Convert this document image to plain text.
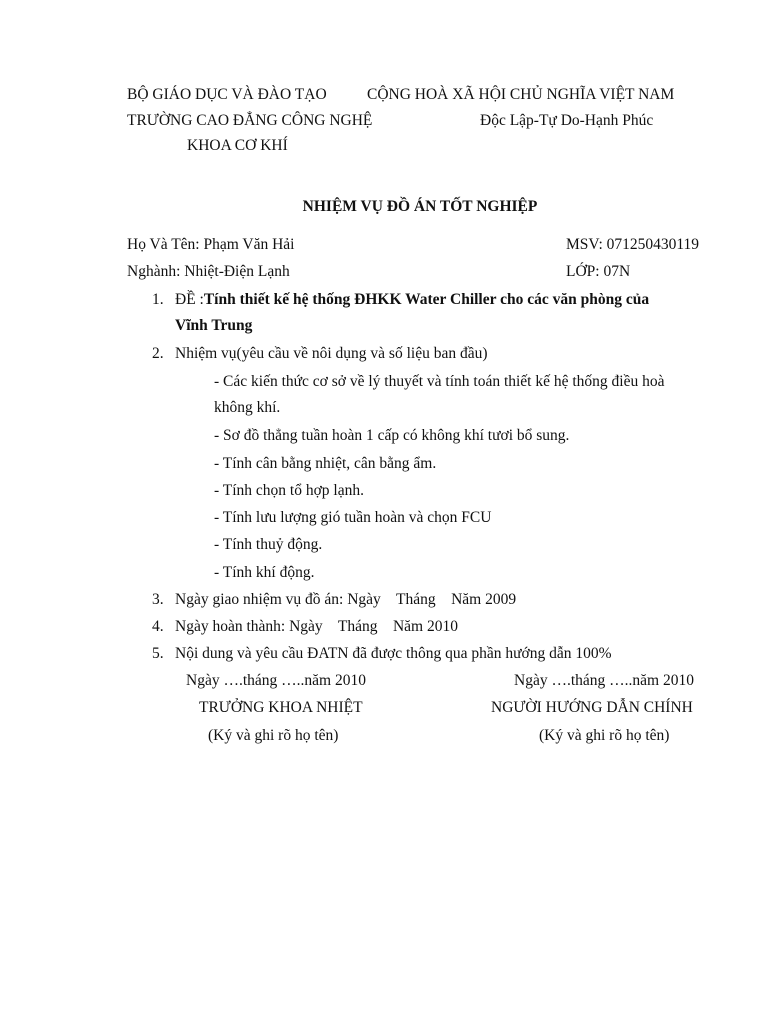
BỘ GIÁO DỤC VÀ ĐÀO TẠO	CỘNG HOÀ XÃ HỘI CHỦ NGHĨA VIỆT NAM
TRƯỜNG CAO ĐẲNG CÔNG NGHỆ	Độc Lập-Tự Do-Hạnh Phúc
KHOA CƠ KHÍ
NHIỆM VỤ ĐỒ ÁN TỐT NGHIỆP
Họ Và Tên: Phạm Văn Hải	MSV: 071250430119
Nghành: Nhiệt-Điện Lạnh	LỚP: 07N
1. ĐỀ :Tính thiết kế hệ thống ĐHKK Water Chiller cho các văn phòng của
Vĩnh Trung
2. Nhiệm vụ(yêu cầu về nôi dụng và số liệu ban đầu)
- Các kiến thức cơ sở về lý thuyết và tính toán thiết kế hệ thống điều hoà
không khí.
- Sơ đồ thẳng tuần hoàn 1 cấp có không khí tươi bổ sung.
- Tính cân bằng nhiệt, cân bằng ẩm.
- Tính chọn tổ hợp lạnh.
- Tính lưu lượng gió tuần hoàn và chọn FCU
- Tính thuỷ động.
- Tính khí động.
3. Ngày giao nhiệm vụ đồ án: Ngày    Tháng    Năm 2009
4. Ngày hoàn thành: Ngày    Tháng    Năm 2010
5. Nội dung và yêu cầu ĐATN đã được thông qua phần hướng dẫn 100%
Ngày ….tháng …..năm 2010	Ngày ….tháng …..năm 2010
TRƯỞNG KHOA NHIỆT	NGƯỜI HƯỚNG DẪN CHÍNH
(Ký và ghi rõ họ tên)	(Ký và ghi rõ họ tên)
